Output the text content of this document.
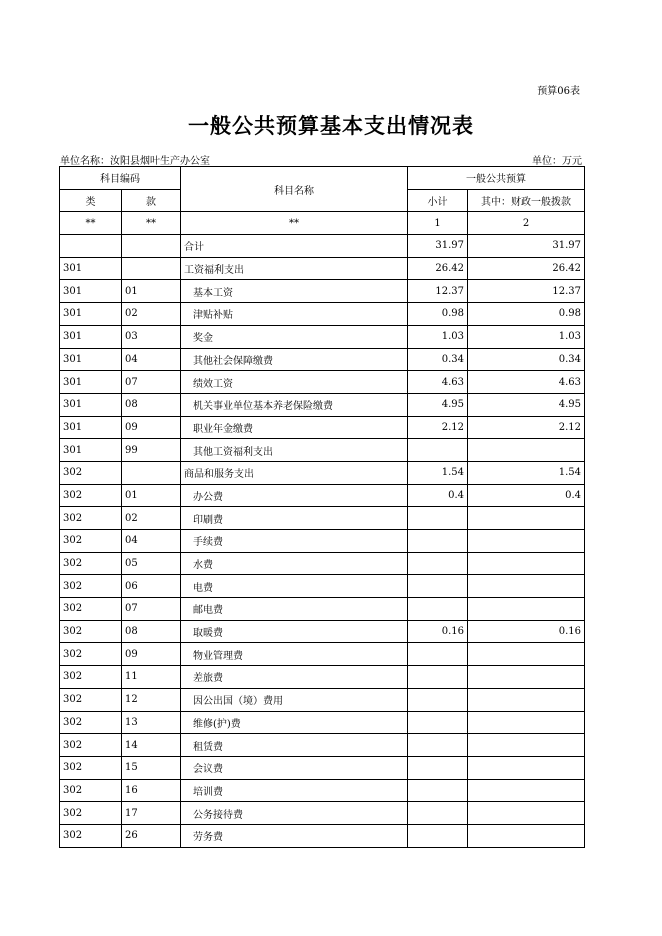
预算06表
一般公共预算基本支出情况表
单位名称：汝阳县烟叶生产办公室	单位：万元
科目编码		科目名称	一般公共预算	
类	款		小计	其中：财政一般拨款
**	**	**	1	2
		合计	31.97	31.97
301		工资福利支出	26.42	26.42
301	01	基本工资	12.37	12.37
301	02	津贴补贴	0.98	0.98
301	03	奖金	1.03	1.03
301	04	其他社会保障缴费	0.34	0.34
301	07	绩效工资	4.63	4.63
301	08	机关事业单位基本养老保险缴费	4.95	4.95
301	09	职业年金缴费	2.12	2.12
301	99	其他工资福利支出		
302		商品和服务支出	1.54	1.54
302	01	办公费	0.4	0.4
302	02	印刷费		
302	04	手续费		
302	05	水费		
302	06	电费		
302	07	邮电费		
302	08	取暖费	0.16	0.16
302	09	物业管理费		
302	11	差旅费		
302	12	因公出国（境）费用		
302	13	维修(护)费		
302	14	租赁费		
302	15	会议费		
302	16	培训费		
302	17	公务接待费		
302	26	劳务费		
